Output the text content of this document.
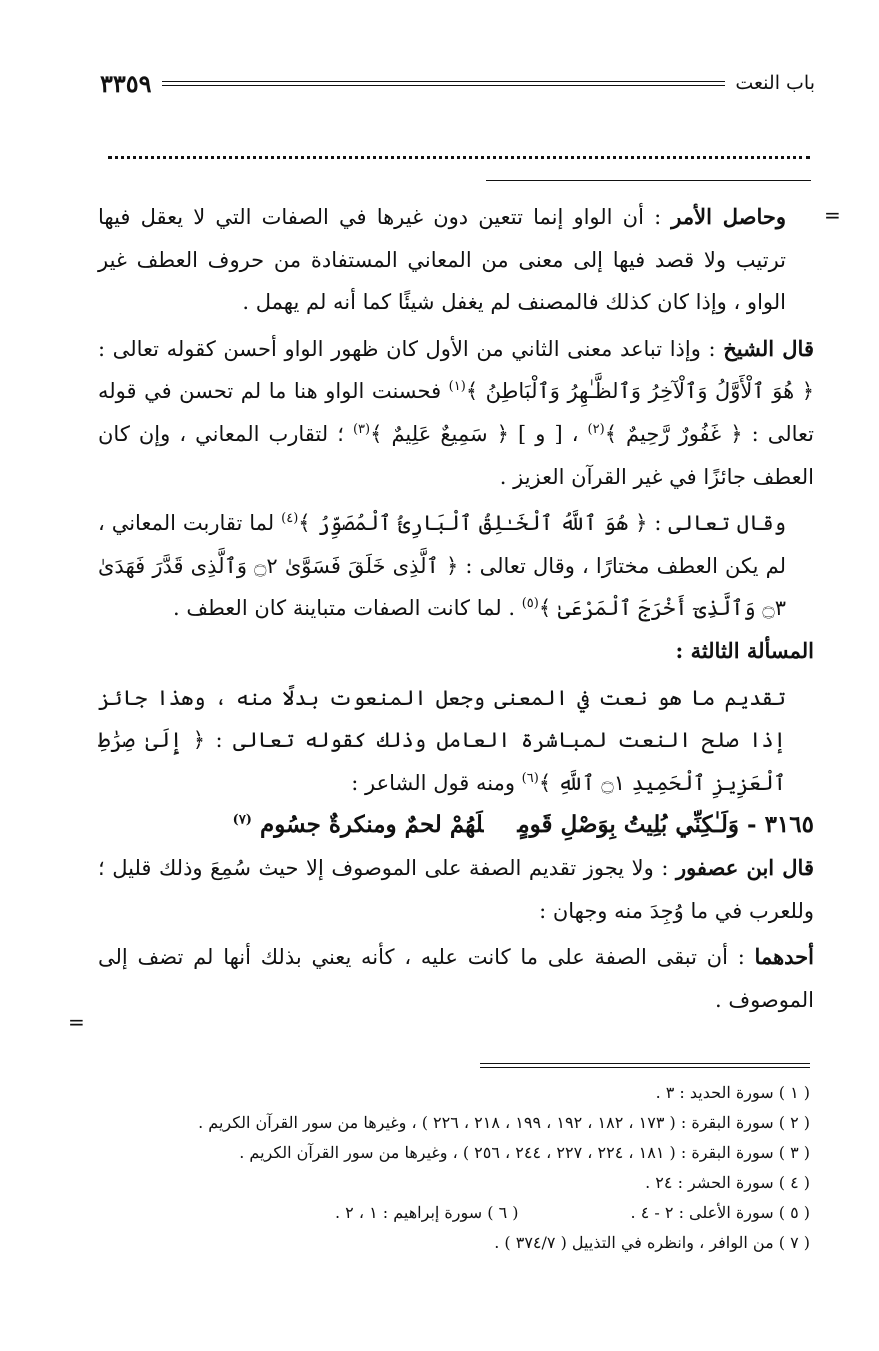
باب النعت
٣٣٥٩
=
=

وحاصل الأمر : أن الواو إنما تتعين دون غيرها في الصفات التي لا يعقل فيها ترتيب ولا قصد فيها إلى معنى من المعاني المستفادة من حروف العطف غير الواو ، وإذا كان كذلك فالمصنف لم يغفل شيئًا كما أنه لم يهمل .

قال الشيخ : وإذا تباعد معنى الثاني من الأول كان ظهور الواو أحسن كقوله تعالى : ﴿ هُوَ ٱلْأَوَّلُ وَٱلْآخِرُ وَٱلظَّـٰهِرُ وَٱلْبَاطِنُ ﴾$^{(١)}$ فحسنت الواو هنا ما لم تحسن في قوله تعالى : ﴿ غَفُورٌ رَّحِيمٌ ﴾$^{(٢)}$ ، [ و ] ﴿ سَمِيعٌ عَلِيمٌ ﴾$^{(٣)}$ ؛ لتقارب المعاني ، وإن كان العطف جائزًا في غير القرآن العزيز .

وقال تعالى : ﴿ هُوَ ٱللَّهُ ٱلْخَـٰلِقُ ٱلْبَارِئُ ٱلْمُصَوِّرُ ﴾$^{(٤)}$ لما تقاربت المعاني ، لم يكن العطف مختارًا ، وقال تعالى : ﴿ ٱلَّذِى خَلَقَ فَسَوَّىٰ ۝٢ وَٱلَّذِى قَدَّرَ فَهَدَىٰ ۝٣ وَٱلَّذِىٓ أَخْرَجَ ٱلْمَرْعَىٰ ﴾$^{(٥)}$ . لما كانت الصفات متباينة كان العطف .

المسألة الثالثة :

تقديم ما هو نعت في المعنى وجعل المنعوت بدلًا منه ، وهذا جائز إذا صلح النعت لمباشرة العامل وذلك كقوله تعالى : ﴿ إِلَىٰ صِرَٰطِ ٱلْعَزِيزِ ٱلْحَمِيدِ ۝١ ٱللَّهِ ﴾$^{(٦)}$ ومنه قول الشاعر :

٣١٦٥ - وَلَـٰكِنِّي بُلِيتُ بِوَصْلِ قَومٍلَهُمْ لحمٌ ومنكرةٌ جسُوم $^{(٧)}$

قال ابن عصفور : ولا يجوز تقديم الصفة على الموصوف إلا حيث سُمِعَ وذلك قليل ؛ وللعرب في ما وُجِدَ منه وجهان :

أحدهما : أن تبقى الصفة على ما كانت عليه ، كأنه يعني بذلك أنها لم تضف إلى الموصوف .

( ١ ) سورة الحديد : ٣ .

( ٢ ) سورة البقرة : ( ١٧٣ ، ١٨٢ ، ١٩٢ ، ١٩٩ ، ٢١٨ ، ٢٢٦ ) ، وغيرها من سور القرآن الكريم .

( ٣ ) سورة البقرة : ( ١٨١ ، ٢٢٤ ، ٢٢٧ ، ٢٤٤ ، ٢٥٦ ) ، وغيرها من سور القرآن الكريم .

( ٤ ) سورة الحشر : ٢٤ .

( ٥ ) سورة الأعلى : ٢ - ٤ .( ٦ ) سورة إبراهيم : ١ ، ٢ .

( ٧ ) من الوافر ، وانظره في التذييل ( ٣٧٤/٧ ) .
